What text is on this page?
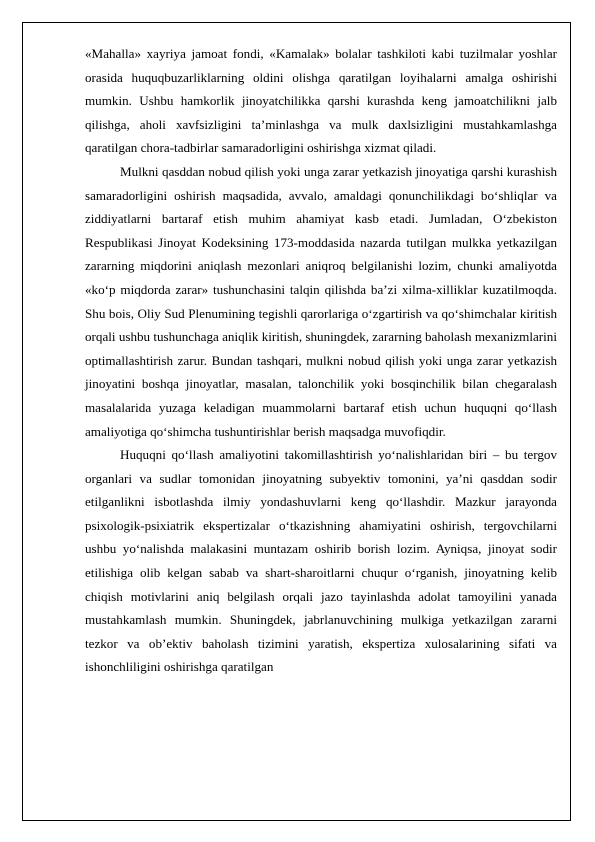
«Mahalla» xayriya jamoat fondi, «Kamalak» bolalar tashkiloti kabi tuzilmalar yoshlar orasida huquqbuzarliklarning oldini olishga qaratilgan loyihalarni amalga oshirishi mumkin. Ushbu hamkorlik jinoyatchilikka qarshi kurashda keng jamoatchilikni jalb qilishga, aholi xavfsizligini ta’minlashga va mulk daxlsizligini mustahkamlashga qaratilgan chora-tadbirlar samaradorligini oshirishga xizmat qiladi.

Mulkni qasddan nobud qilish yoki unga zarar yetkazish jinoyatiga qarshi kurashish samaradorligini oshirish maqsadida, avvalo, amaldagi qonunchilikdagi bo‘shliqlar va ziddiyatlarni bartaraf etish muhim ahamiyat kasb etadi. Jumladan, O‘zbekiston Respublikasi Jinoyat Kodeksining 173-moddasida nazarda tutilgan mulkka yetkazilgan zararning miqdorini aniqlash mezonlari aniqroq belgilanishi lozim, chunki amaliyotda «ko‘p miqdorda zarar» tushunchasini talqin qilishda ba’zi xilma-xilliklar kuzatilmoqda. Shu bois, Oliy Sud Plenumining tegishli qarorlariga o‘zgartirish va qo‘shimchalar kiritish orqali ushbu tushunchaga aniqlik kiritish, shuningdek, zararning baholash mexanizmlarini optimallashtirish zarur. Bundan tashqari, mulkni nobud qilish yoki unga zarar yetkazish jinoyatini boshqa jinoyatlar, masalan, talonchilik yoki bosqinchilik bilan chegaralash masalalarida yuzaga keladigan muammolarni bartaraf etish uchun huquqni qo‘llash amaliyotiga qo‘shimcha tushuntirishlar berish maqsadga muvofiqdir.

Huquqni qo‘llash amaliyotini takomillashtirish yo‘nalishlaridan biri – bu tergov organlari va sudlar tomonidan jinoyatning subyektiv tomonini, ya’ni qasddan sodir etilganlikni isbotlashda ilmiy yondashuvlarni keng qo‘llashdir. Mazkur jarayonda psixologik-psixiatrik ekspertizalar o‘tkazishning ahamiyatini oshirish, tergovchilarni ushbu yo‘nalishda malakasini muntazam oshirib borish lozim. Ayniqsa, jinoyat sodir etilishiga olib kelgan sabab va shart-sharoitlarni chuqur o‘rganish, jinoyatning kelib chiqish motivlarini aniq belgilash orqali jazo tayinlashda adolat tamoyilini yanada mustahkamlash mumkin. Shuningdek, jabrlanuvchining mulkiga yetkazilgan zararni tezkor va ob’ektiv baholash tizimini yaratish, ekspertiza xulosalarining sifati va ishonchliligini oshirishga qaratilgan
